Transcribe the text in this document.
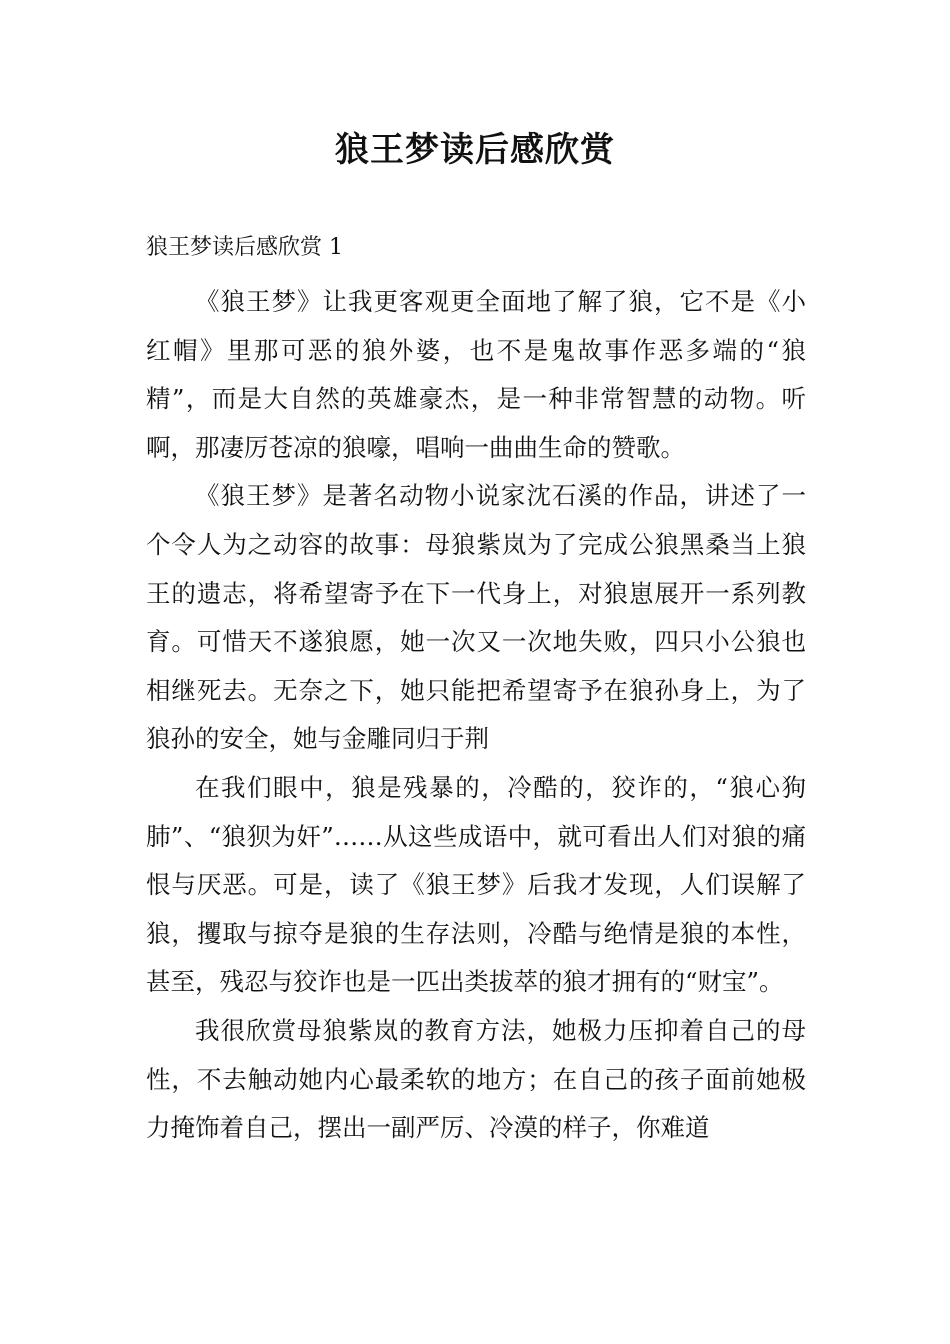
狼王梦读后感欣赏

狼王梦读后感欣赏 1

《狼王梦》让我更客观更全面地了解了狼，它不是《小红帽》里那可恶的狼外婆，也不是鬼故事作恶多端的“狼精”，而是大自然的英雄豪杰，是一种非常智慧的动物。听啊，那凄厉苍凉的狼嚎，唱响一曲曲生命的赞歌。

《狼王梦》是著名动物小说家沈石溪的作品，讲述了一个令人为之动容的故事：母狼紫岚为了完成公狼黑桑当上狼王的遗志，将希望寄予在下一代身上，对狼崽展开一系列教育。可惜天不遂狼愿，她一次又一次地失败，四只小公狼也相继死去。无奈之下，她只能把希望寄予在狼孙身上，为了狼孙的安全，她与金雕同归于荆

在我们眼中，狼是残暴的，冷酷的，狡诈的，“狼心狗肺”、“狼狈为奸”……从这些成语中，就可看出人们对狼的痛恨与厌恶。可是，读了《狼王梦》后我才发现，人们误解了狼，攫取与掠夺是狼的生存法则，冷酷与绝情是狼的本性，甚至，残忍与狡诈也是一匹出类拔萃的狼才拥有的“财宝”。

我很欣赏母狼紫岚的教育方法，她极力压抑着自己的母性，不去触动她内心最柔软的地方；在自己的孩子面前她极力掩饰着自己，摆出一副严厉、冷漠的样子，你难道
